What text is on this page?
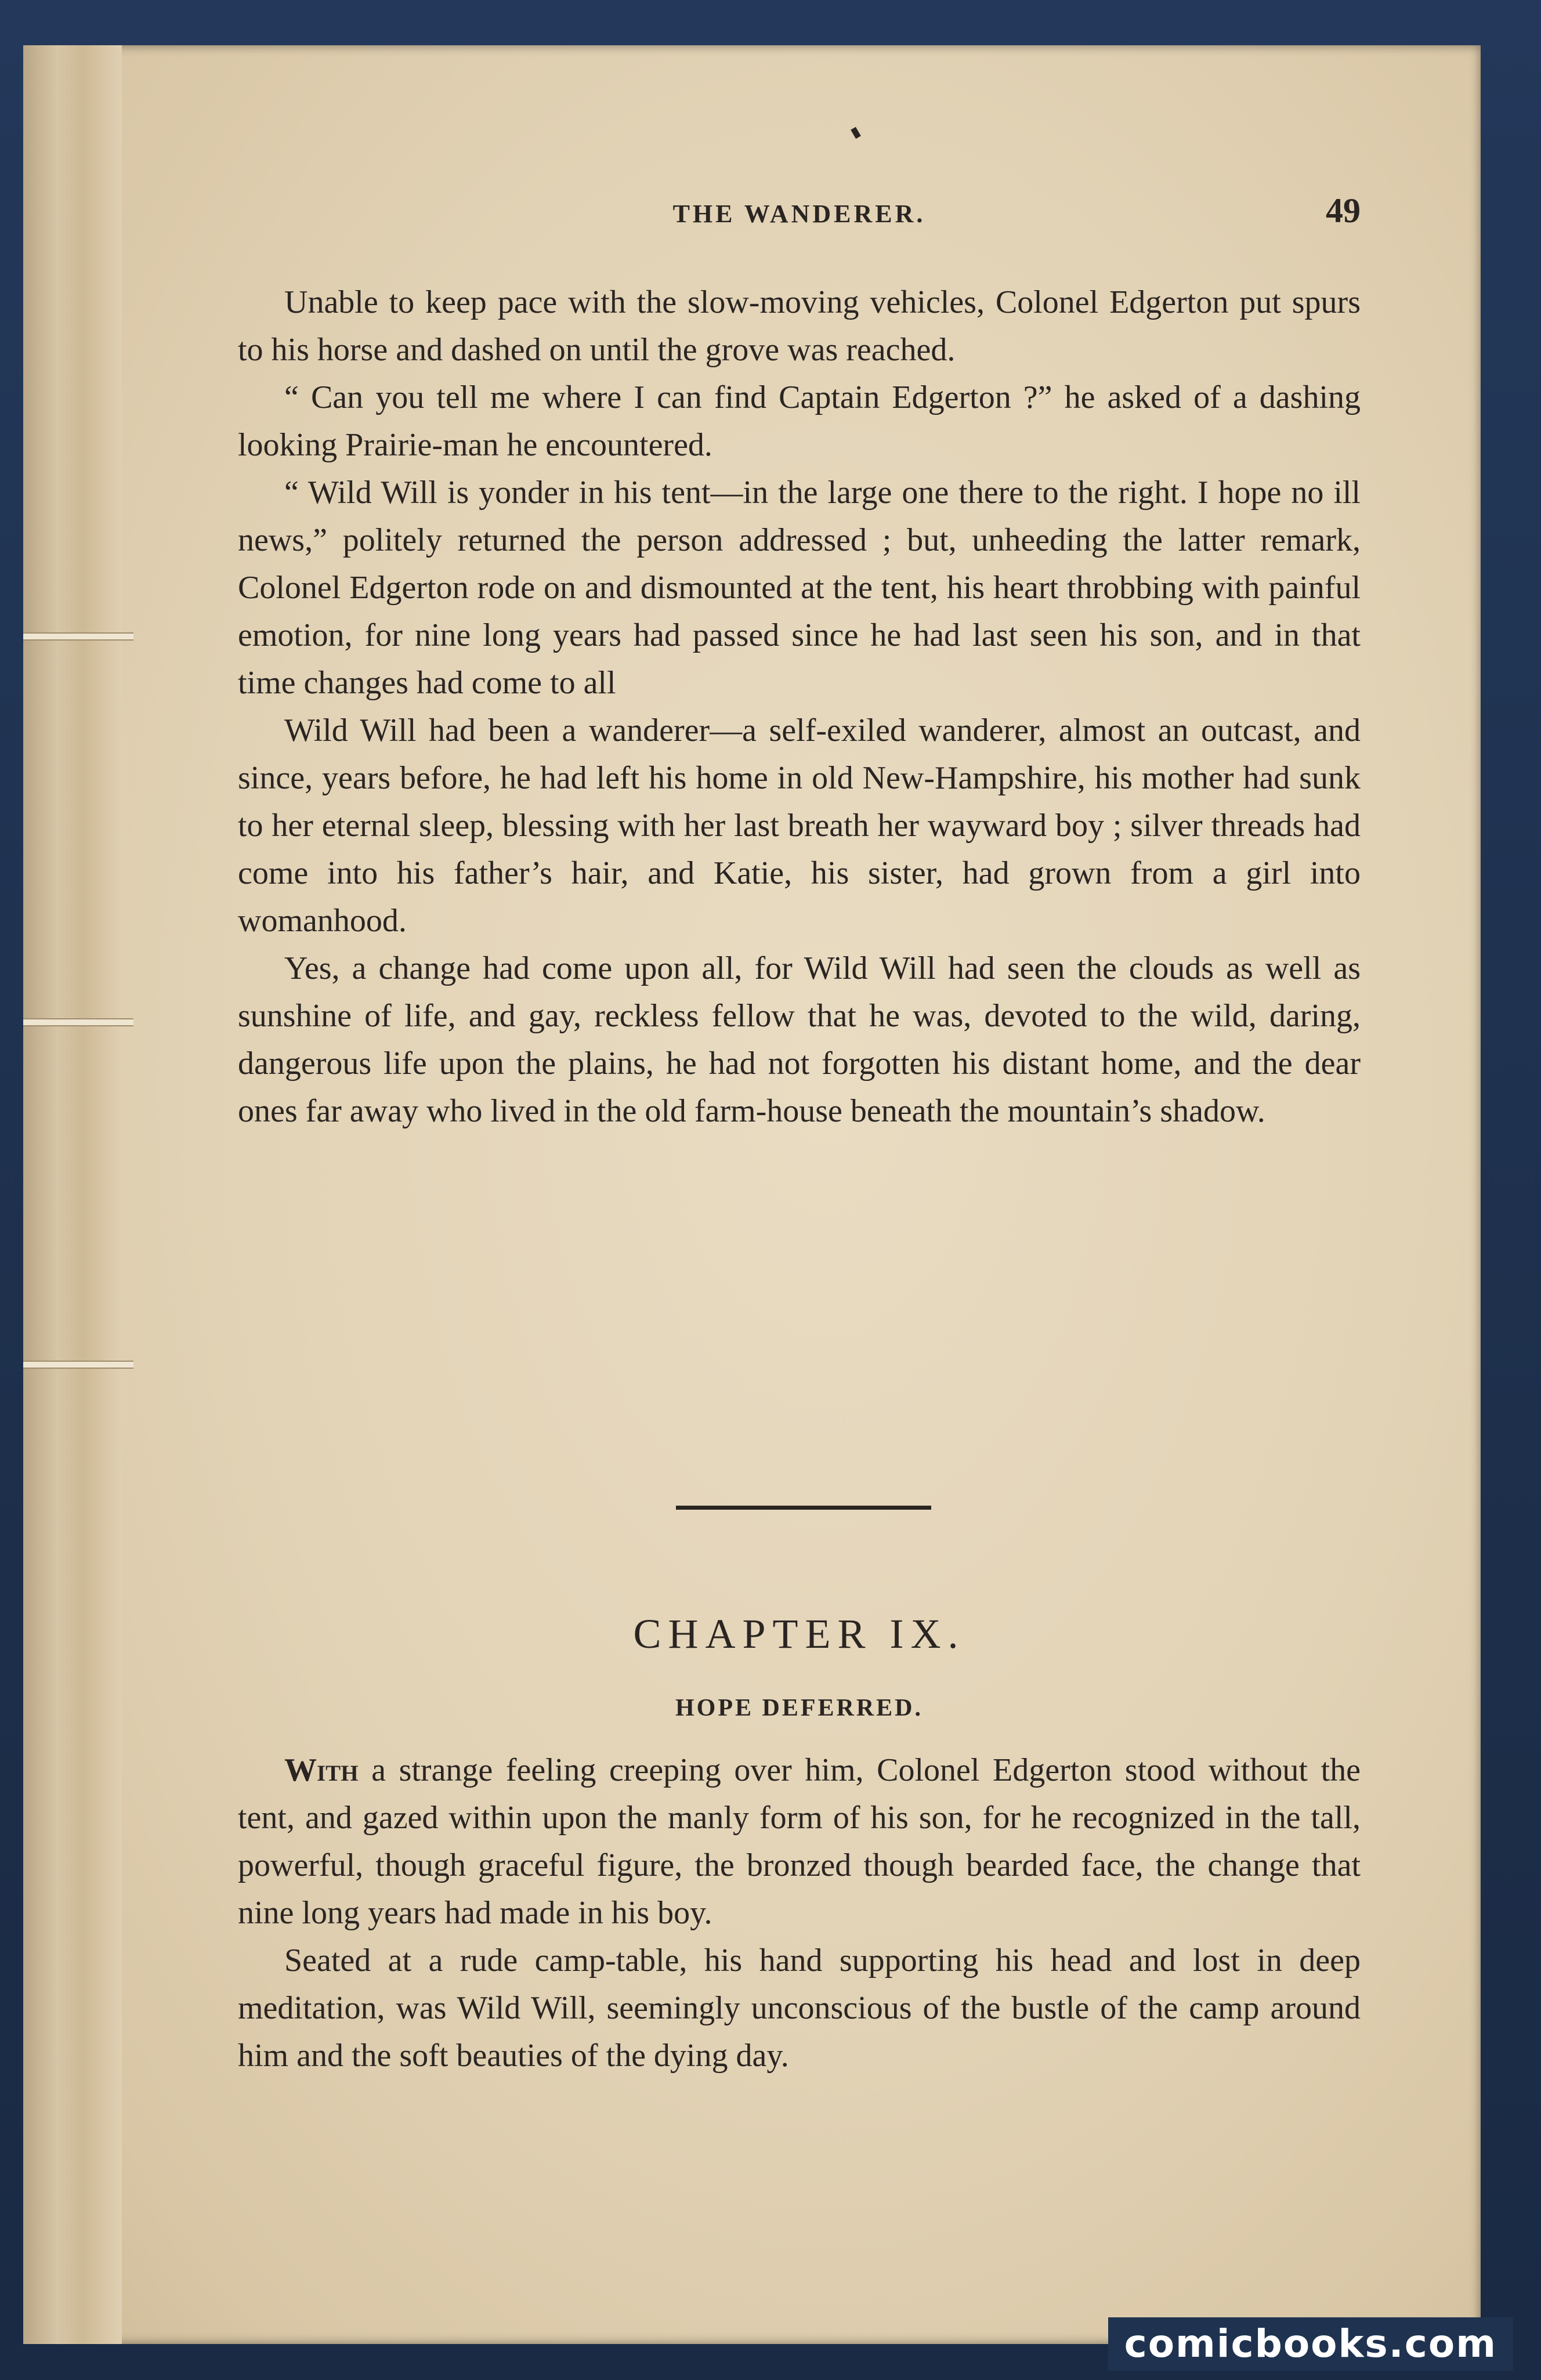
THE WANDERER.	49

Unable to keep pace with the slow-moving vehicles, Colonel Edgerton put spurs to his horse and dashed on until the grove was reached.

“ Can you tell me where I can find Captain Edgerton ?” he asked of a dashing looking Prairie-man he encountered.

“ Wild Will is yonder in his tent—in the large one there to the right. I hope no ill news,” politely returned the person addressed ; but, unheeding the latter remark, Colonel Edgerton rode on and dismounted at the tent, his heart throbbing with painful emotion, for nine long years had passed since he had last seen his son, and in that time changes had come to all

Wild Will had been a wanderer—a self-exiled wanderer, almost an outcast, and since, years before, he had left his home in old New-Hampshire, his mother had sunk to her eternal sleep, blessing with her last breath her wayward boy ; silver threads had come into his father’s hair, and Katie, his sister, had grown from a girl into womanhood.

Yes, a change had come upon all, for Wild Will had seen the clouds as well as sunshine of life, and gay, reckless fellow that he was, devoted to the wild, daring, dangerous life upon the plains, he had not forgotten his distant home, and the dear ones far away who lived in the old farm-house beneath the mountain’s shadow.

CHAPTER IX.
HOPE DEFERRED.

With a strange feeling creeping over him, Colonel Edgerton stood without the tent, and gazed within upon the manly form of his son, for he recognized in the tall, powerful, though graceful figure, the bronzed though bearded face, the change that nine long years had made in his boy.

Seated at a rude camp-table, his hand supporting his head and lost in deep meditation, was Wild Will, seemingly unconscious of the bustle of the camp around him and the soft beauties of the dying day.

comicbooks.com
